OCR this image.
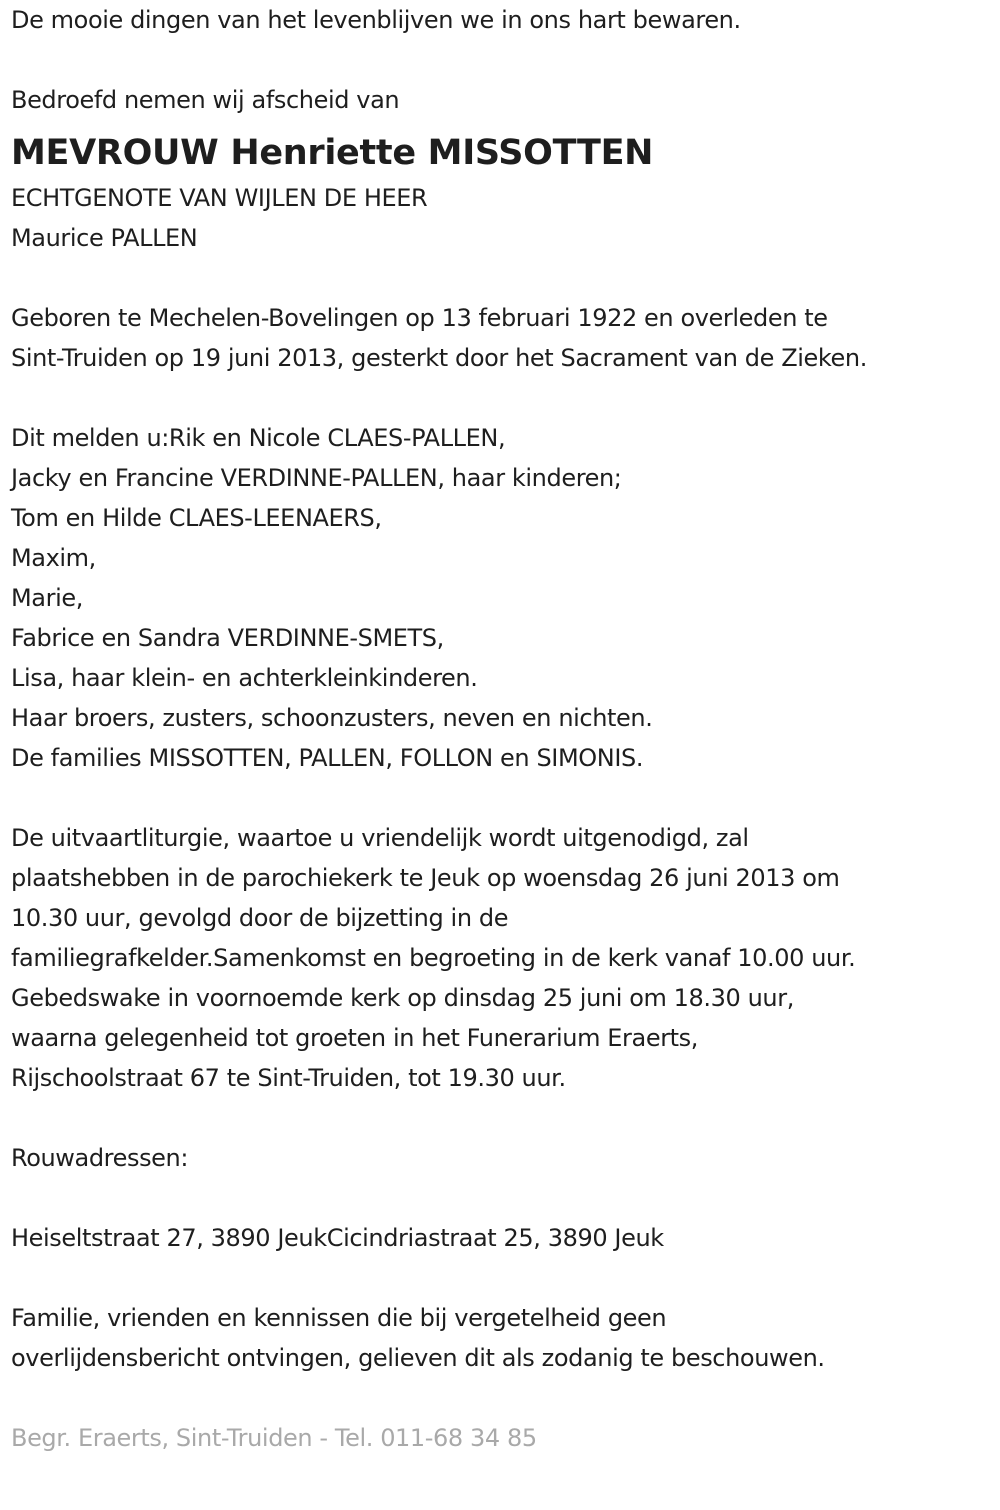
De mooie dingen van het levenblijven we in ons hart bewaren.
Bedroefd nemen wij afscheid van
MEVROUW Henriette MISSOTTEN
ECHTGENOTE VAN WIJLEN DE HEER
Maurice PALLEN
Geboren te Mechelen-Bovelingen op 13 februari 1922 en overleden te
Sint-Truiden op 19 juni 2013, gesterkt door het Sacrament van de Zieken.
Dit melden u:Rik en Nicole CLAES-PALLEN,
Jacky en Francine VERDINNE-PALLEN, haar kinderen;
Tom en Hilde CLAES-LEENAERS,
Maxim,
Marie,
Fabrice en Sandra VERDINNE-SMETS,
Lisa, haar klein- en achterkleinkinderen.
Haar broers, zusters, schoonzusters, neven en nichten.
De families MISSOTTEN, PALLEN, FOLLON en SIMONIS.
De uitvaartliturgie, waartoe u vriendelijk wordt uitgenodigd, zal
plaatshebben in de parochiekerk te Jeuk op woensdag 26 juni 2013 om
10.30 uur, gevolgd door de bijzetting in de
familiegrafkelder.Samenkomst en begroeting in de kerk vanaf 10.00 uur.
Gebedswake in voornoemde kerk op dinsdag 25 juni om 18.30 uur,
waarna gelegenheid tot groeten in het Funerarium Eraerts,
Rijschoolstraat 67 te Sint-Truiden, tot 19.30 uur.
Rouwadressen:
Heiseltstraat 27, 3890 JeukCicindriastraat 25, 3890 Jeuk
Familie, vrienden en kennissen die bij vergetelheid geen
overlijdensbericht ontvingen, gelieven dit als zodanig te beschouwen.
Begr. Eraerts, Sint-Truiden - Tel. 011-68 34 85
